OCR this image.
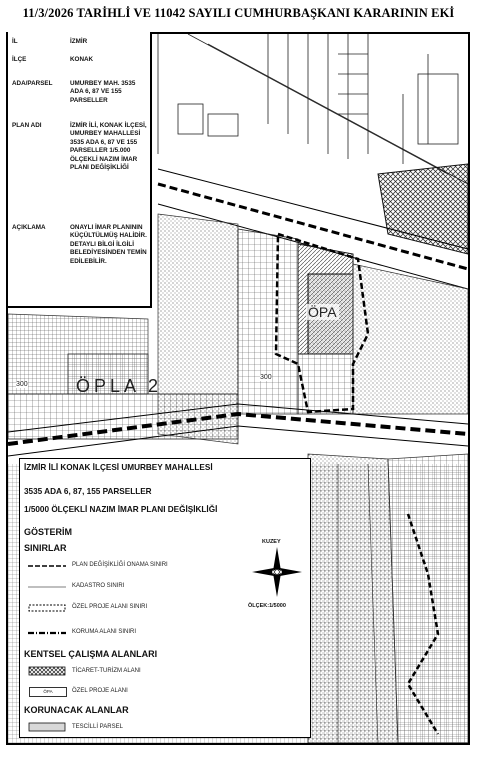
11/3/2026 TARİHLİ VE 11042 SAYILI CUMHURBAŞKANI KARARININ EKİ
ÖPA
ÖPLA 2
300
300
İL	İZMİR
İLÇE	KONAK
ADA/PARSEL	UMURBEY MAH. 3535 ADA 6, 87 VE 155 PARSELLER
PLAN ADI	İZMİR İLİ, KONAK İLÇESİ, UMURBEY MAHALLESİ 3535 ADA 6, 87 VE 155 PARSELLER 1/5.000 ÖLÇEKLİ NAZIM İMAR PLANI DEĞİŞİKLİĞİ
AÇIKLAMA	ONAYLI İMAR PLANININ KÜÇÜLTÜLMÜŞ HALİDİR. DETAYLI BİLGİ İLGİLİ BELEDİYESİNDEN TEMİN EDİLEBİLİR.
İZMİR İLİ KONAK İLÇESİ UMURBEY MAHALLESİ
3535 ADA 6, 87, 155 PARSELLER
1/5000 ÖLÇEKLİ NAZIM İMAR PLANI DEĞİŞİKLİĞİ
GÖSTERİM
SINIRLAR
PLAN DEĞİŞİKLİĞİ ONAMA SINIRI
KADASTRO SINIRI
ÖZEL PROJE ALANI SINIRI
KORUMA ALANI SINIRI
KENTSEL ÇALIŞMA ALANLARI
TİCARET-TURİZM ALANI
ÖPA	ÖZEL PROJE ALANI
KORUNACAK ALANLAR
TESCİLLİ PARSEL
KUZEY
ÖLÇEK:1/5000
